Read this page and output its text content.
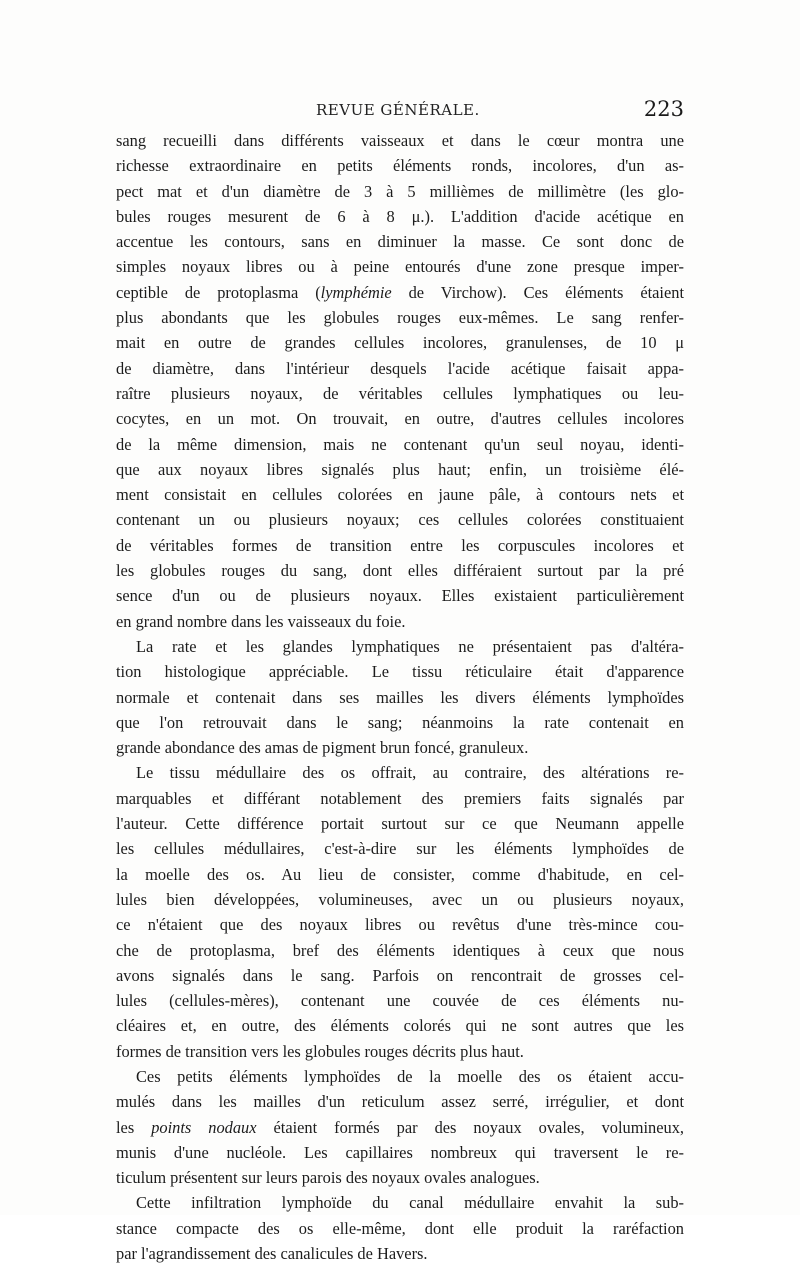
REVUE GÉNÉRALE.	223
sang recueilli dans différents vaisseaux et dans le cœur montra une
richesse extraordinaire en petits éléments ronds, incolores, d'un as-
pect mat et d'un diamètre de 3 à 5 millièmes de millimètre (les glo-
bules rouges mesurent de 6 à 8 μ.). L'addition d'acide acétique en
accentue les contours, sans en diminuer la masse. Ce sont donc de
simples noyaux libres ou à peine entourés d'une zone presque imper-
ceptible de protoplasma (lymphémie de Virchow). Ces éléments étaient
plus abondants que les globules rouges eux-mêmes. Le sang renfer-
mait en outre de grandes cellules incolores, granulenses, de 10 μ
de diamètre, dans l'intérieur desquels l'acide acétique faisait appa-
raître plusieurs noyaux, de véritables cellules lymphatiques ou leu-
cocytes, en un mot. On trouvait, en outre, d'autres cellules incolores
de la même dimension, mais ne contenant qu'un seul noyau, identi-
que aux noyaux libres signalés plus haut; enfin, un troisième élé-
ment consistait en cellules colorées en jaune pâle, à contours nets et
contenant un ou plusieurs noyaux; ces cellules colorées constituaient
de véritables formes de transition entre les corpuscules incolores et
les globules rouges du sang, dont elles différaient surtout par la pré
sence d'un ou de plusieurs noyaux. Elles existaient particulièrement
en grand nombre dans les vaisseaux du foie.
La rate et les glandes lymphatiques ne présentaient pas d'altéra-
tion histologique appréciable. Le tissu réticulaire était d'apparence
normale et contenait dans ses mailles les divers éléments lymphoïdes
que l'on retrouvait dans le sang; néanmoins la rate contenait en
grande abondance des amas de pigment brun foncé, granuleux.
Le tissu médullaire des os offrait, au contraire, des altérations re-
marquables et différant notablement des premiers faits signalés par
l'auteur. Cette différence portait surtout sur ce que Neumann appelle
les cellules médullaires, c'est-à-dire sur les éléments lymphoïdes de
la moelle des os. Au lieu de consister, comme d'habitude, en cel-
lules bien développées, volumineuses, avec un ou plusieurs noyaux,
ce n'étaient que des noyaux libres ou revêtus d'une très-mince cou-
che de protoplasma, bref des éléments identiques à ceux que nous
avons signalés dans le sang. Parfois on rencontrait de grosses cel-
lules (cellules-mères), contenant une couvée de ces éléments nu-
cléaires et, en outre, des éléments colorés qui ne sont autres que les
formes de transition vers les globules rouges décrits plus haut.
Ces petits éléments lymphoïdes de la moelle des os étaient accu-
mulés dans les mailles d'un reticulum assez serré, irrégulier, et dont
les points nodaux étaient formés par des noyaux ovales, volumineux,
munis d'une nucléole. Les capillaires nombreux qui traversent le re-
ticulum présentent sur leurs parois des noyaux ovales analogues.
Cette infiltration lymphoïde du canal médullaire envahit la sub-
stance compacte des os elle-même, dont elle produit la raréfaction
par l'agrandissement des canalicules de Havers.
